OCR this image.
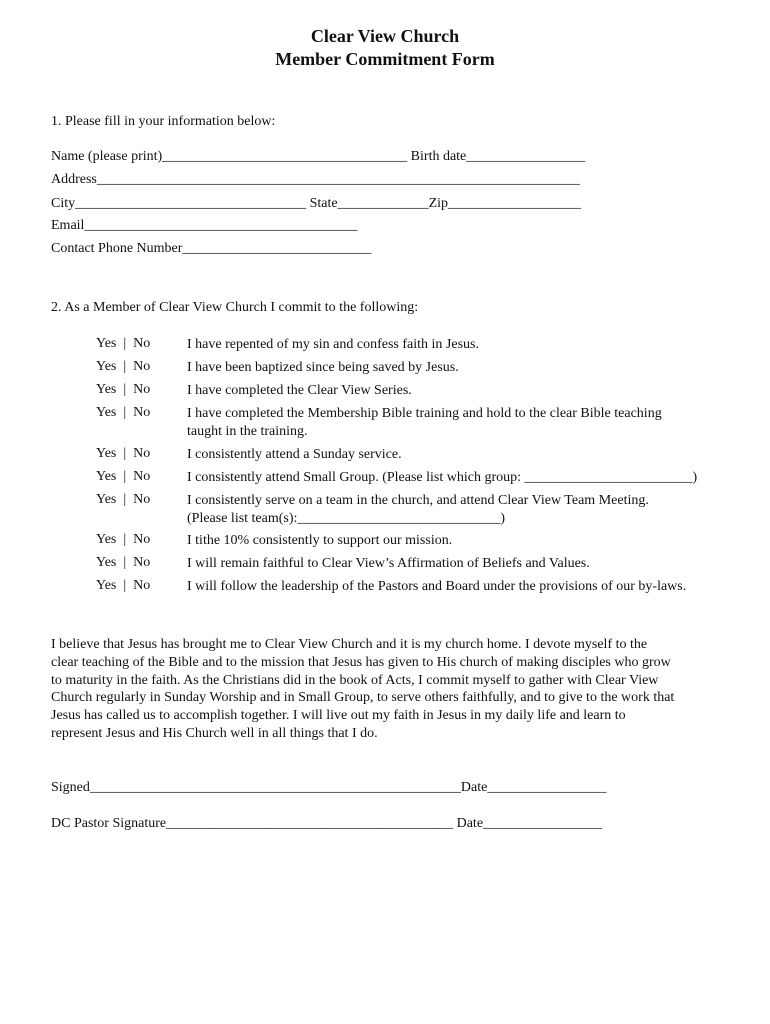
Clear View Church
Member Commitment Form
1. Please fill in your information below:
Name (please print)___________________________________ Birth date_________________
Address_____________________________________________________________________
City_________________________________ State_____________Zip___________________
Email_______________________________________
Contact Phone Number___________________________
2. As a Member of Clear View Church I commit to the following:
Yes  |  No	I have repented of my sin and confess faith in Jesus.
Yes  |  No	I have been baptized since being saved by Jesus.
Yes  |  No	I have completed the Clear View Series.
Yes  |  No	I have completed the Membership Bible training and hold to the clear Bible teaching
taught in the training.
Yes  |  No	I consistently attend a Sunday service.
Yes  |  No	I consistently attend Small Group. (Please list which group: ________________________)
Yes  |  No	I consistently serve on a team in the church, and attend Clear View Team Meeting.
(Please list team(s):_____________________________)
Yes  |  No	I tithe 10% consistently to support our mission.
Yes  |  No	I will remain faithful to Clear View’s Affirmation of Beliefs and Values.
Yes  |  No	I will follow the leadership of the Pastors and Board under the provisions of our by-laws.
I believe that Jesus has brought me to Clear View Church and it is my church home. I devote myself to the
clear teaching of the Bible and to the mission that Jesus has given to His church of making disciples who grow
to maturity in the faith. As the Christians did in the book of Acts, I commit myself to gather with Clear View
Church regularly in Sunday Worship and in Small Group, to serve others faithfully, and to give to the work that
Jesus has called us to accomplish together. I will live out my faith in Jesus in my daily life and learn to
represent Jesus and His Church well in all things that I do.
Signed_____________________________________________________Date_________________
DC Pastor Signature_________________________________________ Date_________________
